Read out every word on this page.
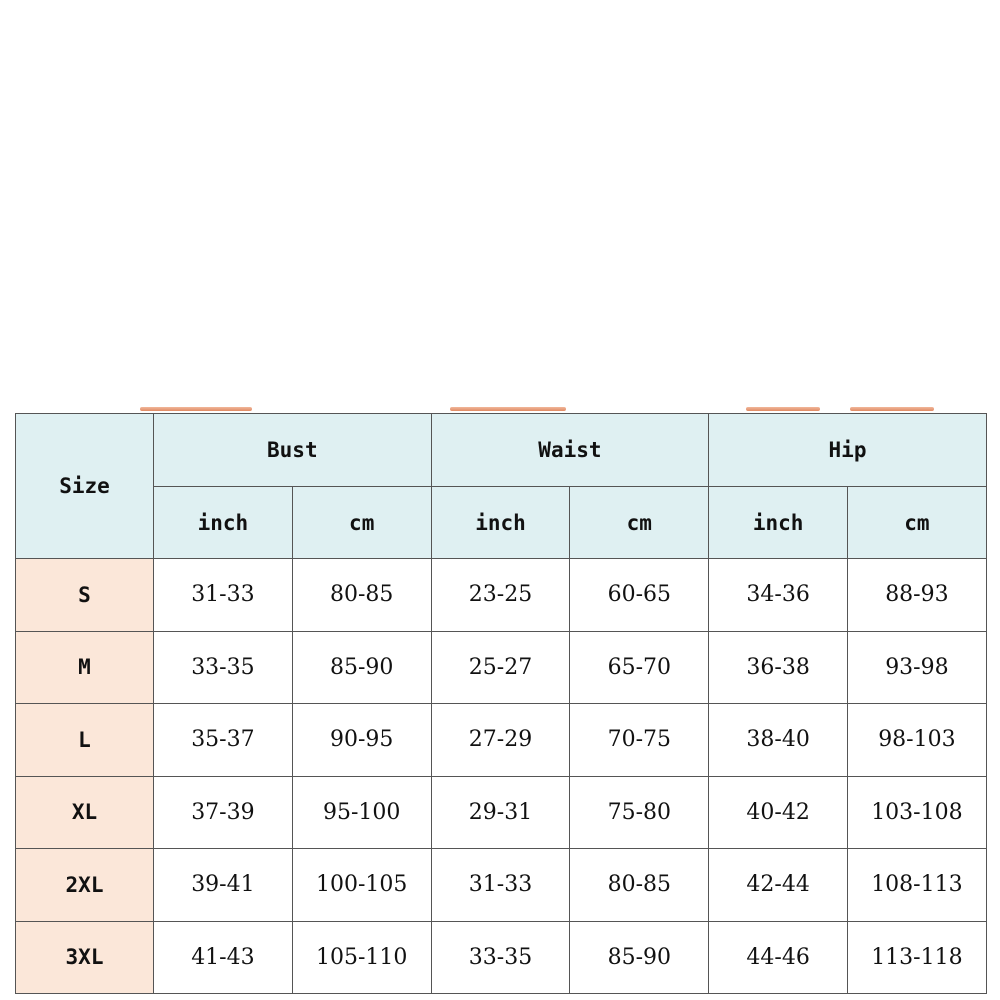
Size	Bust		Waist		Hip	
	inch	cm	inch	cm	inch	cm
S	31-33	80-85	23-25	60-65	34-36	88-93
M	33-35	85-90	25-27	65-70	36-38	93-98
L	35-37	90-95	27-29	70-75	38-40	98-103
XL	37-39	95-100	29-31	75-80	40-42	103-108
2XL	39-41	100-105	31-33	80-85	42-44	108-113
3XL	41-43	105-110	33-35	85-90	44-46	113-118
